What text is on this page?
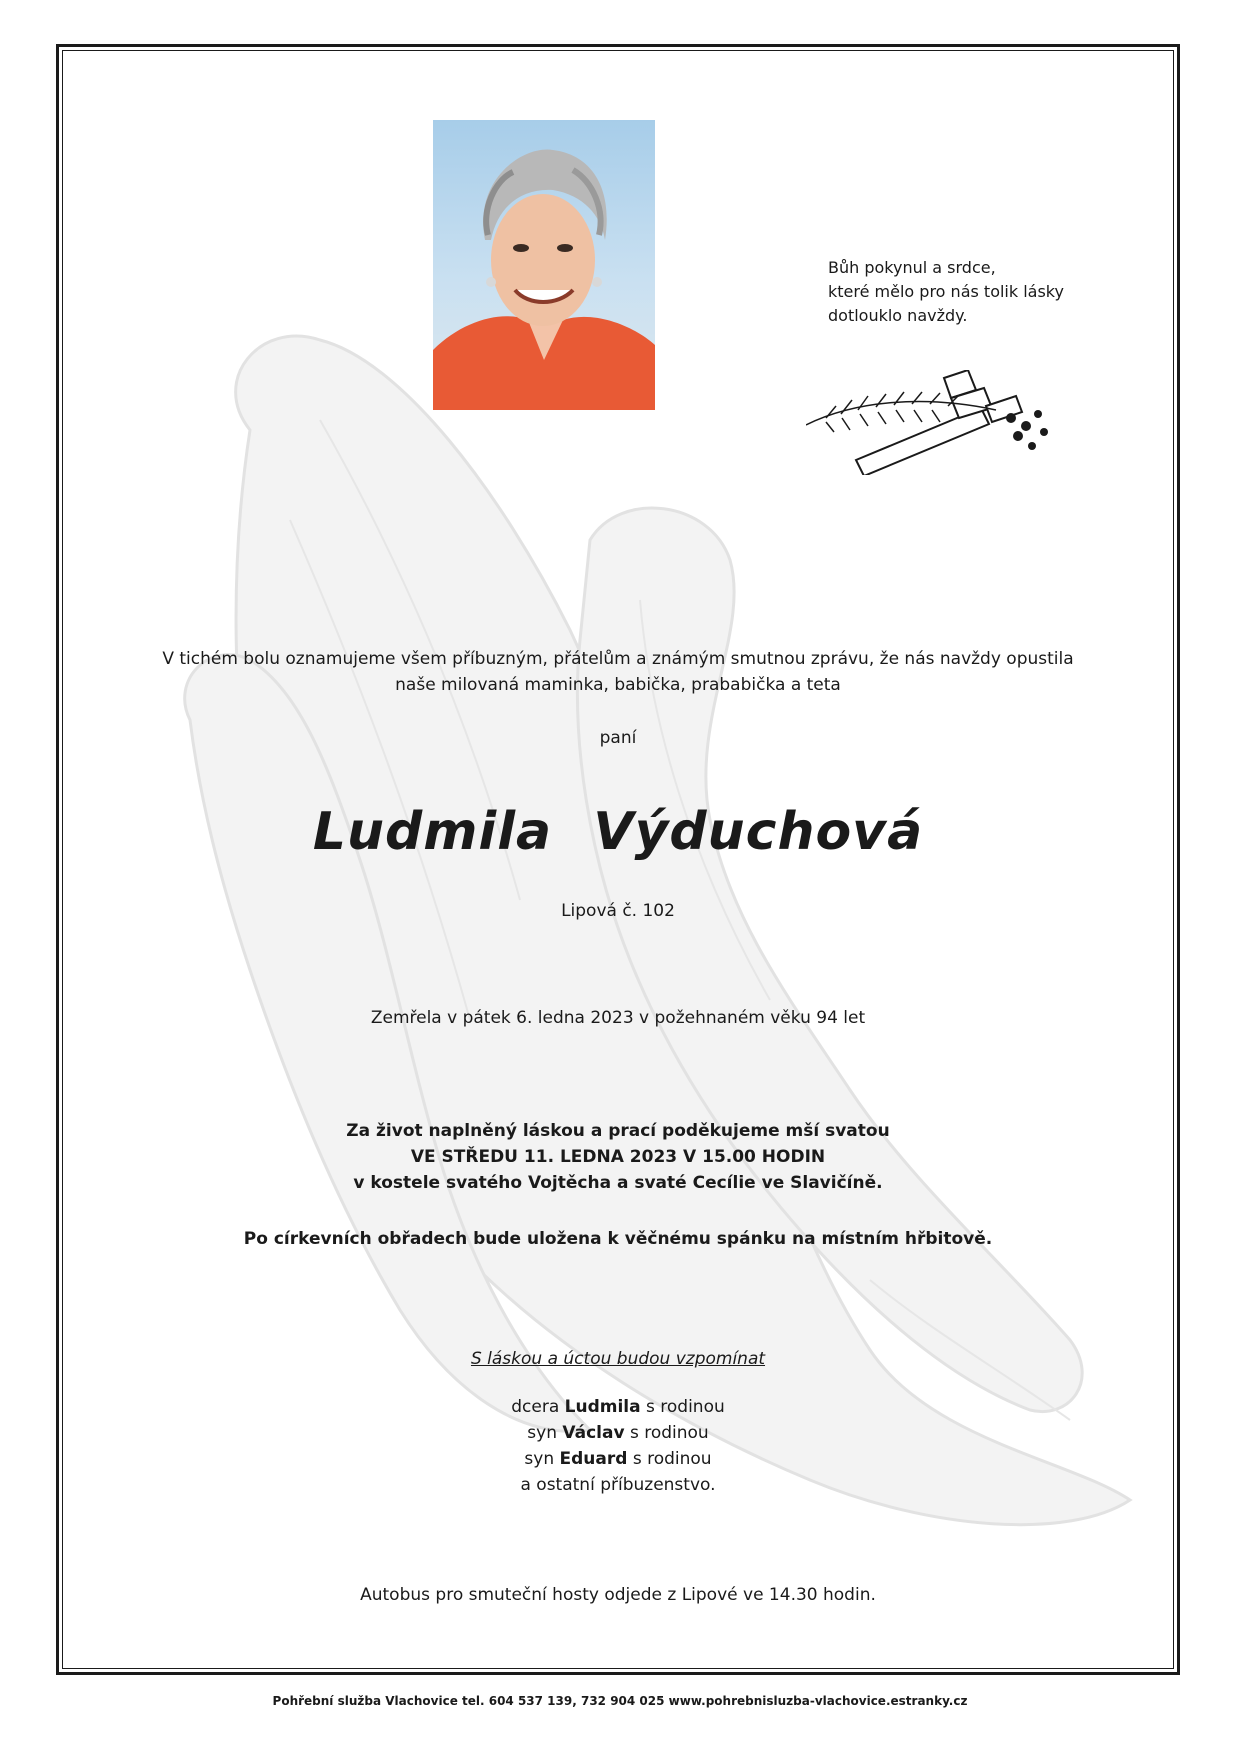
Bůh pokynul a srdce,
které mělo pro nás tolik lásky
dotlouklo navždy.
V tichém bolu oznamujeme všem příbuzným, přátelům a známým smutnou zprávu, že nás navždy opustila
naše milovaná maminka, babička, prababička a teta
paní
Ludmila Výduchová
Lipová č. 102
Zemřela v pátek 6. ledna 2023 v požehnaném věku 94 let
Za život naplněný láskou a prací poděkujeme mší svatou
VE STŘEDU 11. LEDNA 2023 V 15.00 HODIN
v kostele svatého Vojtěcha a svaté Cecílie ve Slavičíně.
Po církevních obřadech bude uložena k věčnému spánku na místním hřbitově.
S láskou a úctou budou vzpomínat
dcera Ludmila s rodinou
syn Václav s rodinou
syn Eduard s rodinou
a ostatní příbuzenstvo.
Autobus pro smuteční hosty odjede z Lipové ve 14.30 hodin.
Pohřební služba Vlachovice tel. 604 537 139, 732 904 025 www.pohrebnisluzba-vlachovice.estranky.cz
